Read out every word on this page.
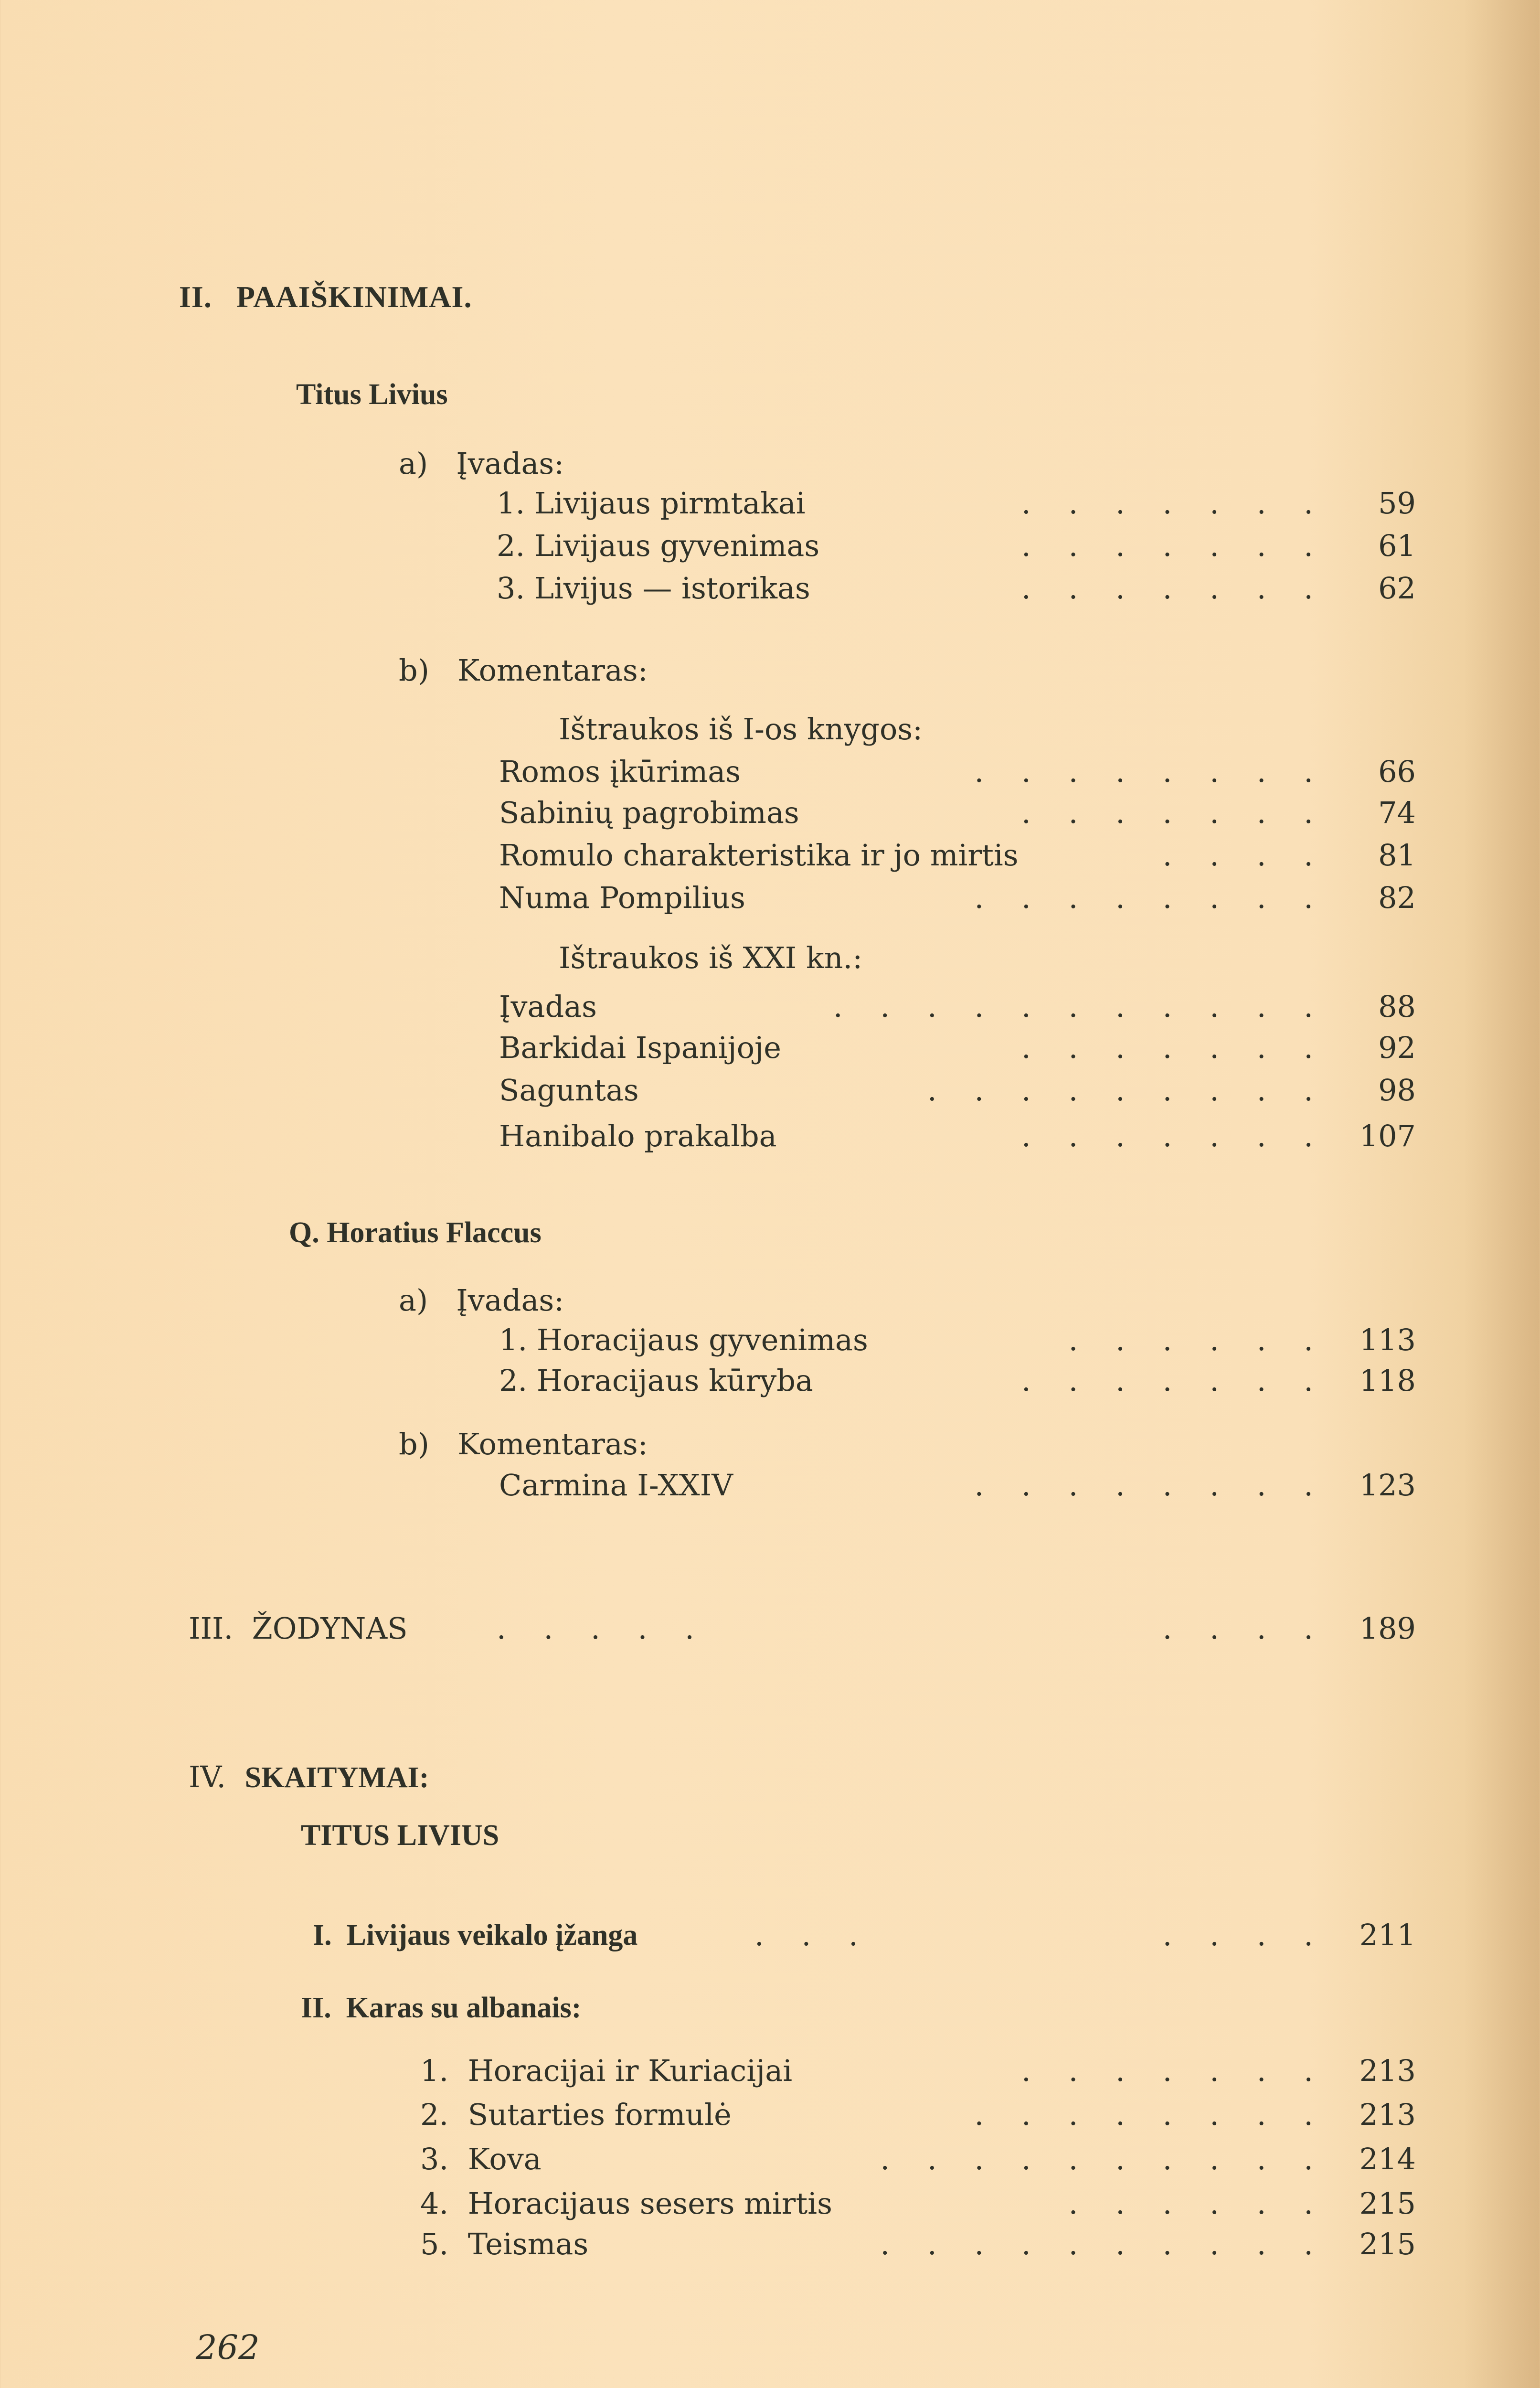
II. PAAIŠKINIMAI.
Titus Livius
a) Įvadas:
1. Livijaus pirmtakai	.    .    .    .    .    .    . 59
2. Livijaus gyvenimas	.    .    .    .    .    .    . 61
3. Livijus — istorikas	.    .    .    .    .    .    . 62
b) Komentaras:
Ištraukos iš I-os knygos:
Romos įkūrimas	.    .    .    .    .    .    .    . 66
Sabinių pagrobimas	.    .    .    .    .    .    . 74
Romulo charakteristika ir jo mirtis	.    .    .    . 81
Numa Pompilius	.    .    .    .    .    .    .    . 82
Ištraukos iš XXI kn.:
Įvadas	.    .    .    .    .    .    .    .    .    .    . 88
Barkidai Ispanijoje	.    .    .    .    .    .    . 92
Saguntas	.    .    .    .    .    .    .    .    . 98
Hanibalo prakalba	.    .    .    .    .    .    . 107
Q. Horatius Flaccus
a) Įvadas:
1. Horacijaus gyvenimas	.    .    .    .    .    . 113
2. Horacijaus kūryba	.    .    .    .    .    .    . 118
b) Komentaras:
Carmina I-XXIV	.    .    .    .    .    .    .    . 123
III. ŽODYNAS	.    .    .    .    .	.    .    .    . 189
IV. SKAITYMAI:
TITUS LIVIUS
I. Livijaus veikalo įžanga	.    .    .	.    .    .    . 211
II. Karas su albanais:
1. Horacijai ir Kuriacijai	.    .    .    .    .    .    . 213
2. Sutarties formulė	.    .    .    .    .    .    .    . 213
3. Kova	.    .    .    .    .    .    .    .    .    . 214
4. Horacijaus sesers mirtis	.    .    .    .    .    . 215
5. Teismas	.    .    .    .    .    .    .    .    .    . 215
262
